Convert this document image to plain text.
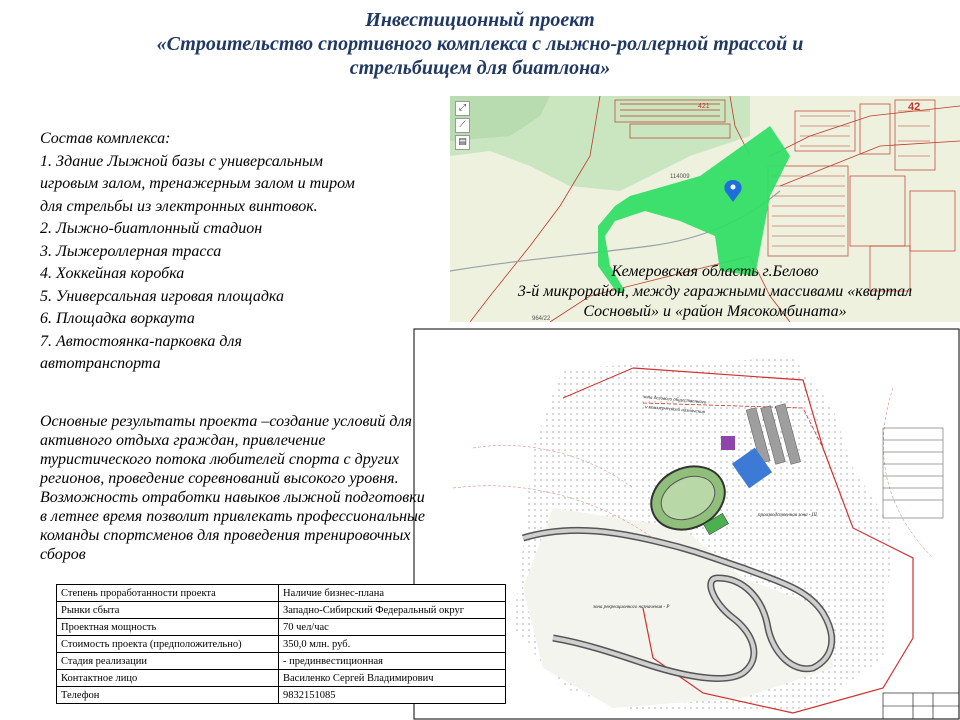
Инвестиционный проект
«Строительство спортивного комплекса с лыжно-роллерной трассой и
стрельбищем для биатлона»
114009
42
421
964/22
⤢
⟋
▤
Кемеровская область г.Белово
3-й микрорайон, между гаражными массивами «квартал
Сосновый» и «район Мясокомбината»
Состав комплекса:
1. Здание Лыжной базы с универсальным
игровым залом, тренажерным залом и тиром
для стрельбы из электронных винтовок.
2. Лыжно-биатлонный стадион
3. Лыжероллерная трасса
4. Хоккейная коробка
5. Универсальная игровая площадка
6. Площадка воркаута
7. Автостоянка-парковка для
автотранспорта
зона делового общественного
и коммерческого назначения
производственная зона - III
зона рекреационного назначения - Р
Основные результаты проекта –создание условий для
активного отдыха граждан, привлечение
туристического потока любителей спорта с других
регионов, проведение соревнований высокого уровня.
Возможность отработки навыков лыжной подготовки
в летнее время позволит привлекать профессиональные
команды спортсменов для проведения тренировочных
сборов
Степень проработанности проекта	Наличие бизнес-плана
Рынки сбыта	Западно-Сибирский Федеральный округ
Проектная мощность	70 чел/час
Стоимость проекта (предположительно)	350,0 млн. руб.
Стадия реализации	- прединвестиционная
Контактное лицо	Василенко Сергей Владимирович
Телефон	9832151085
